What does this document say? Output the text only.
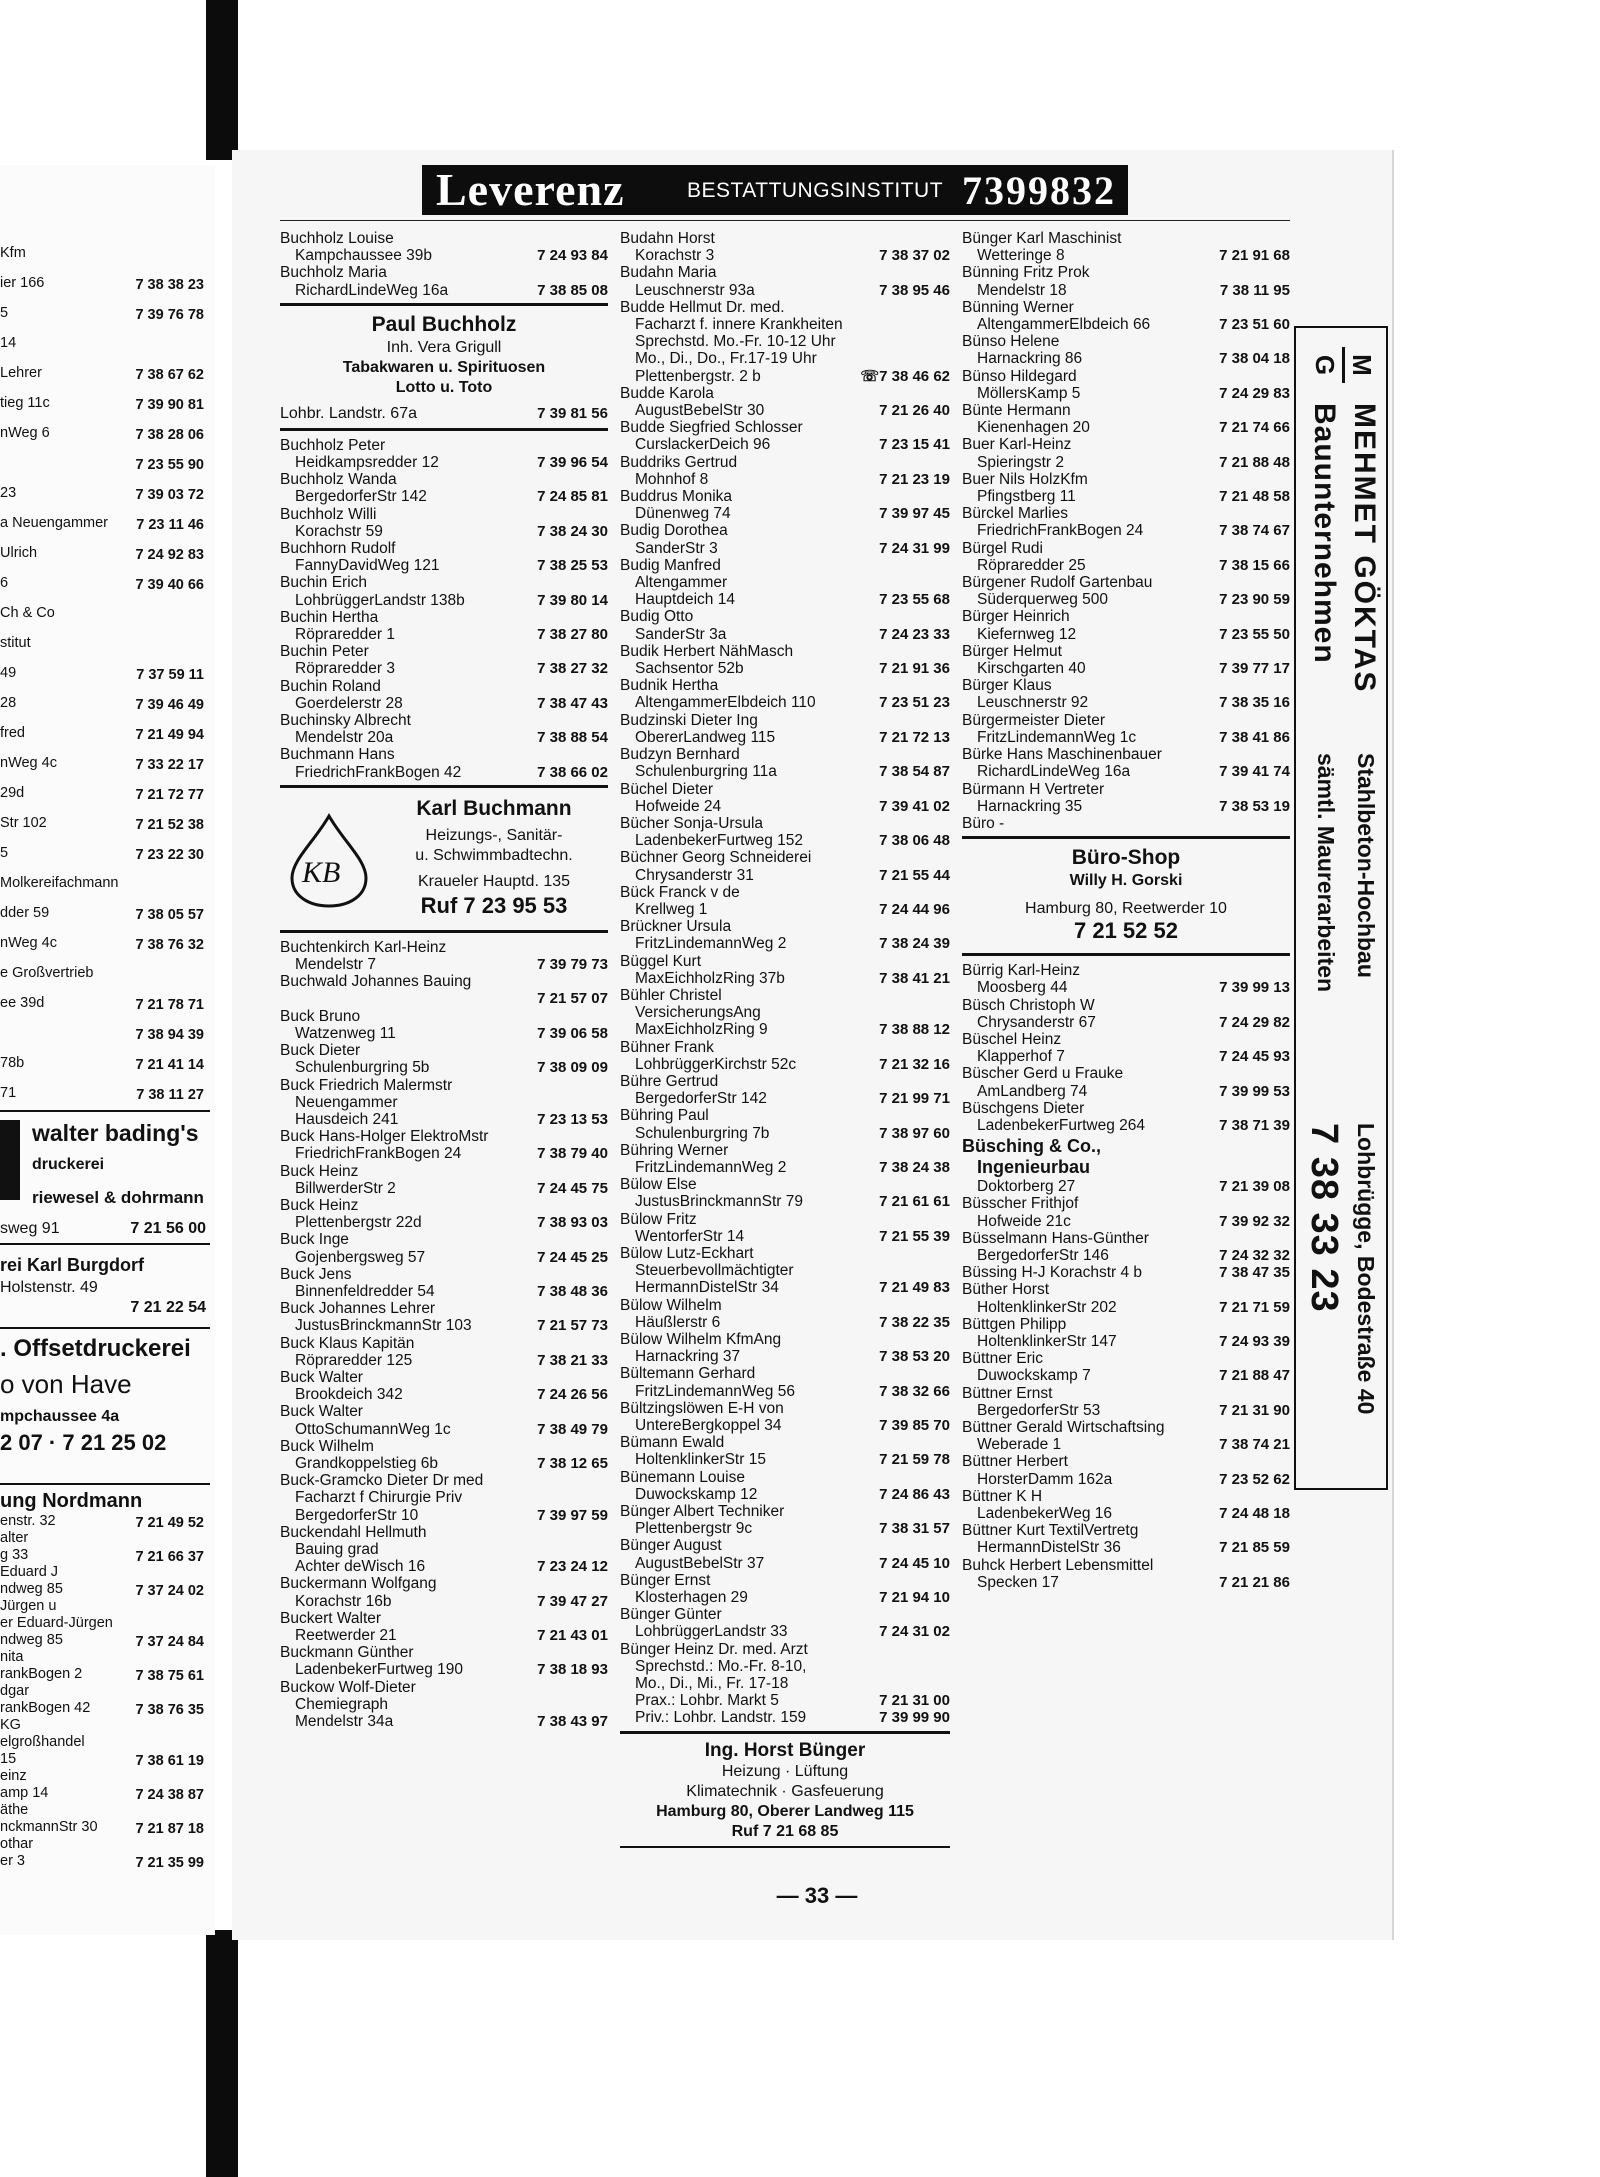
Kfm
ier 166	7 38 38 23
5	7 39 76 78
14
Lehrer	7 38 67 62
tieg 11c	7 39 90 81
nWeg 6	7 38 28 06
7 23 55 90
23	7 39 03 72
a Neuengammer 7 23 11 46
Ulrich	7 24 92 83
6	7 39 40 66
Ch & Co
stitut
49	7 37 59 11
28	7 39 46 49
fred	7 21 49 94
nWeg 4c	7 33 22 17
29d	7 21 72 77
Str 102	7 21 52 38
5	7 23 22 30
Molkereifachmann
dder 59	7 38 05 57
nWeg 4c	7 38 76 32
e Großvertrieb
ee 39d	7 21 78 71
7 38 94 39
78b	7 21 41 14
71	7 38 11 27
walter bading's
druckerei
riewesel & dohrmann
sweg 91	7 21 56 00
rei Karl Burgdorf
Holstenstr. 49
7 21 22 54
. Offsetdruckerei
o von Have
mpchaussee 4a
2 07 · 7 21 25 02
ung Nordmann
enstr. 32	7 21 49 52
alter
g 33	7 21 66 37
Eduard J
ndweg 85	7 37 24 02
Jürgen u
er Eduard-Jürgen
ndweg 85	7 37 24 84
nita
rankBogen 2	7 38 75 61
dgar
rankBogen 42	7 38 76 35
KG
elgroßhandel
15	7 38 61 19
einz
amp 14	7 24 38 87
äthe
nckmannStr 30	7 21 87 18
othar
er 3	7 21 35 99
Leverenz	BESTATTUNGSINSTITUT 7399832
Buchholz Louise
Kampchaussee 39b	7 24 93 84
Buchholz Maria
RichardLindeWeg 16a	7 38 85 08
Paul Buchholz
Inh. Vera Grigull
Tabakwaren u. Spirituosen
Lotto u. Toto
Lohbr. Landstr. 67a	7 39 81 56
Buchholz Peter
Heidkampsredder 12	7 39 96 54
Buchholz Wanda
BergedorferStr 142	7 24 85 81
Buchholz Willi
Korachstr 59	7 38 24 30
Buchhorn Rudolf
FannyDavidWeg 121	7 38 25 53
Buchin Erich
LohbrüggerLandstr 138b	7 39 80 14
Buchin Hertha
Röpraredder 1	7 38 27 80
Buchin Peter
Röpraredder 3	7 38 27 32
Buchin Roland
Goerdelerstr 28	7 38 47 43
Buchinsky Albrecht
Mendelstr 20a	7 38 88 54
Buchmann Hans
FriedrichFrankBogen 42	7 38 66 02
KB
Karl Buchmann
Heizungs-, Sanitär-
u. Schwimmbadtechn.
Kraueler Hauptd. 135
Ruf 7 23 95 53
Buchtenkirch Karl-Heinz
Mendelstr 7	7 39 79 73
Buchwald Johannes Bauing

7 21 57 07
Buck Bruno
Watzenweg 11	7 39 06 58
Buck Dieter
Schulenburgring 5b	7 38 09 09
Buck Friedrich Malermstr
Neuengammer
Hausdeich 241	7 23 13 53
Buck Hans-Holger ElektroMstr
FriedrichFrankBogen 24	7 38 79 40
Buck Heinz
BillwerderStr 2	7 24 45 75
Buck Heinz
Plettenbergstr 22d	7 38 93 03
Buck Inge
Gojenbergsweg 57	7 24 45 25
Buck Jens
Binnenfeldredder 54	7 38 48 36
Buck Johannes Lehrer
JustusBrinckmannStr 103	7 21 57 73
Buck Klaus Kapitän
Röpraredder 125	7 38 21 33
Buck Walter
Brookdeich 342	7 24 26 56
Buck Walter
OttoSchumannWeg 1c	7 38 49 79
Buck Wilhelm
Grandkoppelstieg 6b	7 38 12 65
Buck-Gramcko Dieter Dr med
Facharzt f Chirurgie Priv
BergedorferStr 10	7 39 97 59
Buckendahl Hellmuth
Bauing grad
Achter deWisch 16	7 23 24 12
Buckermann Wolfgang
Korachstr 16b	7 39 47 27
Buckert Walter
Reetwerder 21	7 21 43 01
Buckmann Günther
LadenbekerFurtweg 190	7 38 18 93
Buckow Wolf-Dieter
Chemiegraph
Mendelstr 34a	7 38 43 97
Budahn Horst
Korachstr 3	7 38 37 02
Budahn Maria
Leuschnerstr 93a	7 38 95 46
Budde Hellmut Dr. med.
Facharzt f. innere Krankheiten
Sprechstd. Mo.-Fr. 10-12 Uhr
Mo., Di., Do., Fr.17-19 Uhr
Plettenbergstr. 2 b	☏7 38 46 62
Budde Karola
AugustBebelStr 30	7 21 26 40
Budde Siegfried Schlosser
CurslackerDeich 96	7 23 15 41
Buddriks Gertrud
Mohnhof 8	7 21 23 19
Buddrus Monika
Dünenweg 74	7 39 97 45
Budig Dorothea
SanderStr 3	7 24 31 99
Budig Manfred
Altengammer
Hauptdeich 14	7 23 55 68
Budig Otto
SanderStr 3a	7 24 23 33
Budik Herbert NähMasch
Sachsentor 52b	7 21 91 36
Budnik Hertha
AltengammerElbdeich 110	7 23 51 23
Budzinski Dieter Ing
ObererLandweg 115	7 21 72 13
Budzyn Bernhard
Schulenburgring 11a	7 38 54 87
Büchel Dieter
Hofweide 24	7 39 41 02
Bücher Sonja-Ursula
LadenbekerFurtweg 152	7 38 06 48
Büchner Georg Schneiderei
Chrysanderstr 31	7 21 55 44
Bück Franck v de
Krellweg 1	7 24 44 96
Brückner Ursula
FritzLindemannWeg 2	7 38 24 39
Büggel Kurt
MaxEichholzRing 37b	7 38 41 21
Bühler Christel
VersicherungsAng
MaxEichholzRing 9	7 38 88 12
Bühner Frank
LohbrüggerKirchstr 52c	7 21 32 16
Bühre Gertrud
BergedorferStr 142	7 21 99 71
Bühring Paul
Schulenburgring 7b	7 38 97 60
Bühring Werner
FritzLindemannWeg 2	7 38 24 38
Bülow Else
JustusBrinckmannStr 79	7 21 61 61
Bülow Fritz
WentorferStr 14	7 21 55 39
Bülow Lutz-Eckhart
Steuerbevollmächtigter
HermannDistelStr 34	7 21 49 83
Bülow Wilhelm
Häußlerstr 6	7 38 22 35
Bülow Wilhelm KfmAng
Harnackring 37	7 38 53 20
Bültemann Gerhard
FritzLindemannWeg 56	7 38 32 66
Bültzingslöwen E-H von
UntereBergkoppel 34	7 39 85 70
Bümann Ewald
HoltenklinkerStr 15	7 21 59 78
Bünemann Louise
Duwockskamp 12	7 24 86 43
Bünger Albert Techniker
Plettenbergstr 9c	7 38 31 57
Bünger August
AugustBebelStr 37	7 24 45 10
Bünger Ernst
Klosterhagen 29	7 21 94 10
Bünger Günter
LohbrüggerLandstr 33	7 24 31 02
Bünger Heinz Dr. med. Arzt
Sprechstd.: Mo.-Fr. 8-10,
Mo., Di., Mi., Fr. 17-18
Prax.: Lohbr. Markt 5	7 21 31 00
Priv.: Lohbr. Landstr. 159	7 39 99 90
Ing. Horst Bünger
Heizung · Lüftung
Klimatechnik · Gasfeuerung
Hamburg 80, Oberer Landweg 115
Ruf 7 21 68 85
Bünger Karl Maschinist
Wetteringe 8	7 21 91 68
Bünning Fritz Prok
Mendelstr 18	7 38 11 95
Bünning Werner
AltengammerElbdeich 66	7 23 51 60
Bünso Helene
Harnackring 86	7 38 04 18
Bünso Hildegard
MöllersKamp 5	7 24 29 83
Bünte Hermann
Kienenhagen 20	7 21 74 66
Buer Karl-Heinz
Spieringstr 2	7 21 88 48
Buer Nils HolzKfm
Pfingstberg 11	7 21 48 58
Bürckel Marlies
FriedrichFrankBogen 24	7 38 74 67
Bürgel Rudi
Röpraredder 25	7 38 15 66
Bürgener Rudolf Gartenbau
Süderquerweg 500	7 23 90 59
Bürger Heinrich
Kiefernweg 12	7 23 55 50
Bürger Helmut
Kirschgarten 40	7 39 77 17
Bürger Klaus
Leuschnerstr 92	7 38 35 16
Bürgermeister Dieter
FritzLindemannWeg 1c	7 38 41 86
Bürke Hans Maschinenbauer
RichardLindeWeg 16a	7 39 41 74
Bürmann H Vertreter
Harnackring 35	7 38 53 19
Büro -
Büro-Shop
Willy H. Gorski
Hamburg 80, Reetwerder 10
7 21 52 52
Bürrig Karl-Heinz
Moosberg 44	7 39 99 13
Büsch Christoph W
Chrysanderstr 67	7 24 29 82
Büschel Heinz
Klapperhof 7	7 24 45 93
Büscher Gerd u Frauke
AmLandberg 74	7 39 99 53
Büschgens Dieter
LadenbekerFurtweg 264	7 38 71 39
Büsching & Co.,
Ingenieurbau
Doktorberg 27	7 21 39 08
Büsscher Frithjof
Hofweide 21c	7 39 92 32
Büsselmann Hans-Günther
BergedorferStr 146	7 24 32 32
Büssing H-J Korachstr 4 b	7 38 47 35
Büther Horst
HoltenklinkerStr 202	7 21 71 59
Büttgen Philipp
HoltenklinkerStr 147	7 24 93 39
Büttner Eric
Duwockskamp 7	7 21 88 47
Büttner Ernst
BergedorferStr 53	7 21 31 90
Büttner Gerald Wirtschaftsing
Weberade 1	7 38 74 21
Büttner Herbert
HorsterDamm 162a	7 23 52 62
Büttner K H
LadenbekerWeg 16	7 24 48 18
Büttner Kurt TextilVertretg
HermannDistelStr 36	7 21 85 59
Buhck Herbert Lebensmittel
Specken 17	7 21 21 86
M
G
MEHMET GÖKTAS
Bauunternehmen
Stahlbeton-Hochbau
sämtl. Maurerarbeiten
Lohbrügge, Bodestraße 40
7 38 33 23
— 33 —
